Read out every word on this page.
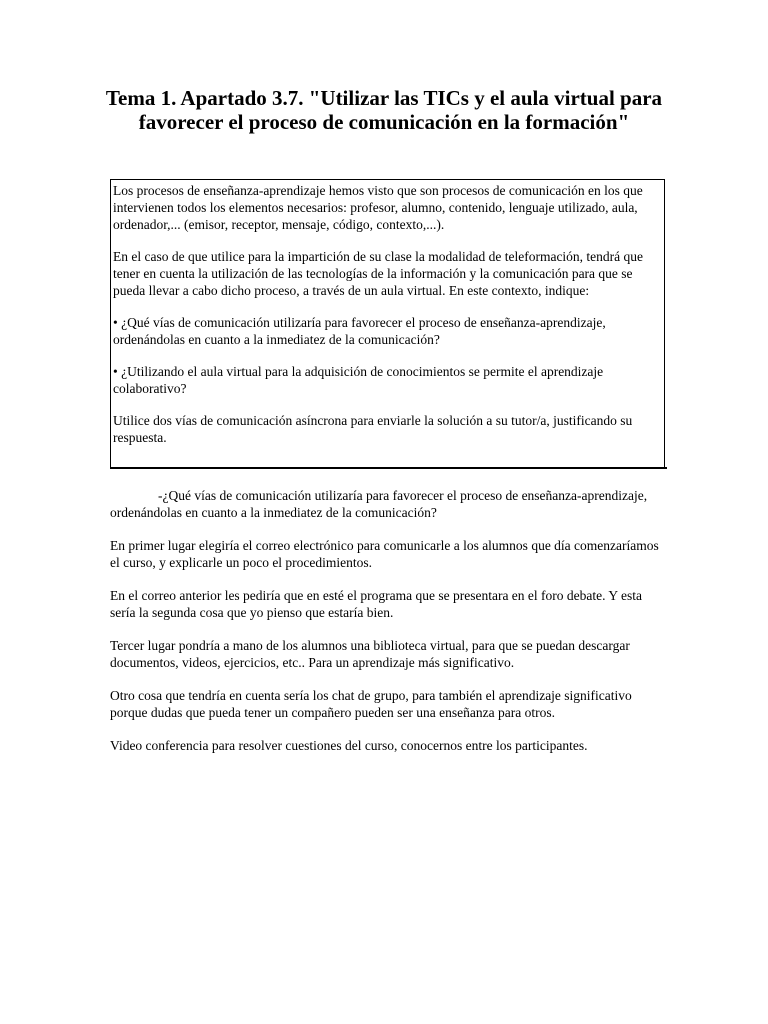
Tema 1. Apartado 3.7. "Utilizar las TICs y el aula virtual para favorecer el proceso de comunicación en la formación"

Los procesos de enseñanza-aprendizaje hemos visto que son procesos de comunicación en los que intervienen todos los elementos necesarios: profesor, alumno, contenido, lenguaje utilizado, aula, ordenador,... (emisor, receptor, mensaje, código, contexto,...).

En el caso de que utilice para la impartición de su clase la modalidad de teleformación, tendrá que tener en cuenta la utilización de las tecnologías de la información y la comunicación para que se pueda llevar a cabo dicho proceso, a través de un aula virtual. En este contexto, indique:

• ¿Qué vías de comunicación utilizaría para favorecer el proceso de enseñanza-aprendizaje, ordenándolas en cuanto a la inmediatez de la comunicación?

• ¿Utilizando el aula virtual para la adquisición de conocimientos se permite el aprendizaje colaborativo?

Utilice dos vías de comunicación asíncrona para enviarle la solución a su tutor/a, justificando su respuesta.

-¿Qué vías de comunicación utilizaría para favorecer el proceso de enseñanza-aprendizaje, ordenándolas en cuanto a la inmediatez de la comunicación?

En primer lugar elegiría el correo electrónico para comunicarle a los alumnos que día comenzaríamos el curso, y explicarle un poco el procedimientos.

En el correo anterior les pediría que en esté el programa que se presentara en el foro debate. Y esta sería la segunda cosa que yo pienso que estaría bien.

Tercer lugar pondría a mano de los alumnos una biblioteca virtual, para que se puedan descargar documentos, videos, ejercicios, etc.. Para un aprendizaje más significativo.

Otro cosa que tendría en cuenta sería los chat de grupo, para también el aprendizaje significativo porque dudas que pueda tener un compañero pueden ser una enseñanza para otros.

Video conferencia para resolver cuestiones del curso, conocernos entre los participantes.
